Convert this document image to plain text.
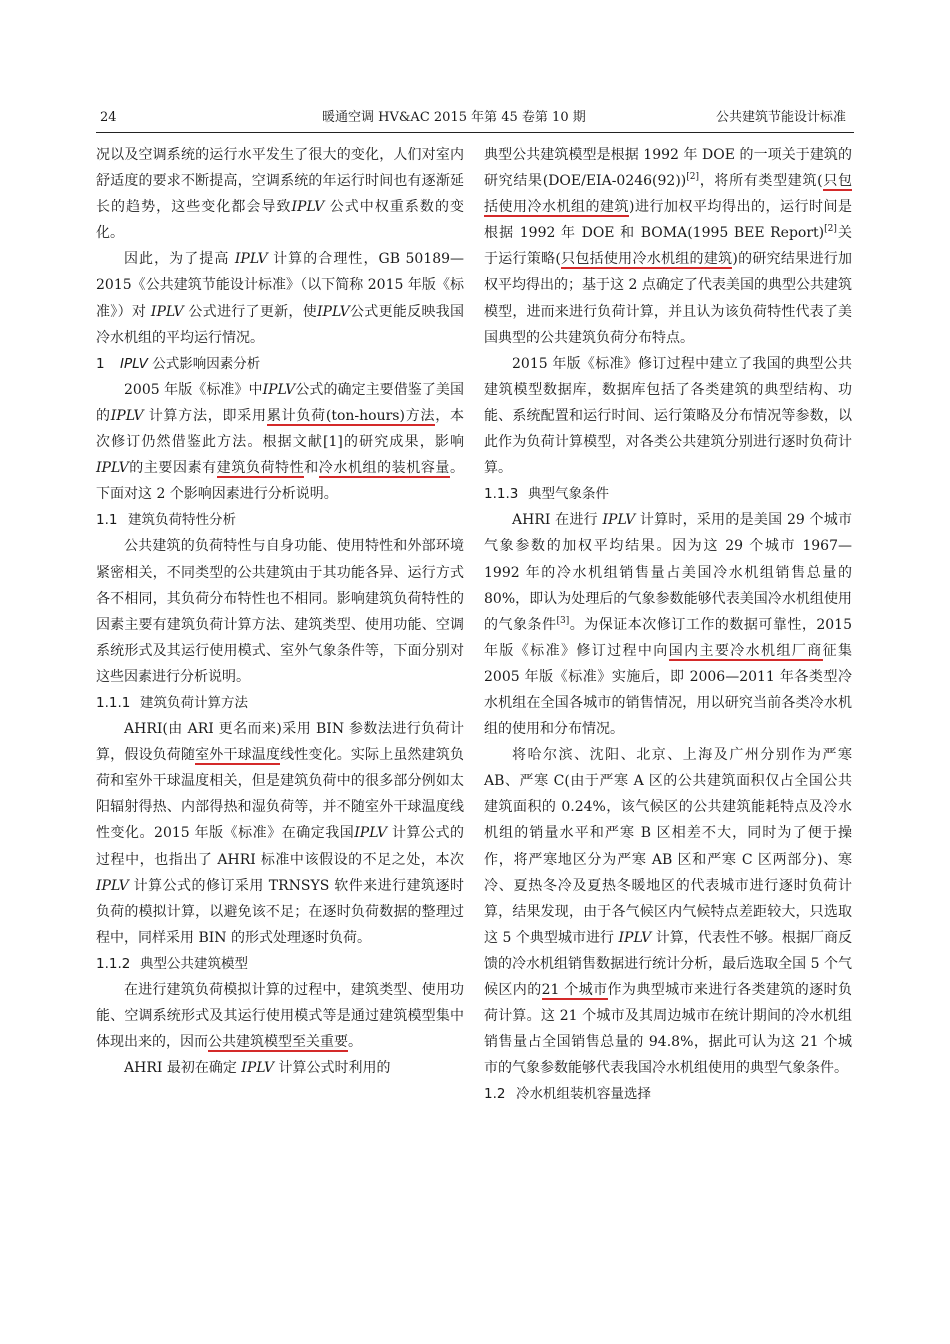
24	暖通空调 HV&AC 2015 年第 45 卷第 10 期	公共建筑节能设计标准

况以及空调系统的运行水平发生了很大的变化，人们对室内舒适度的要求不断提高，空调系统的年运行时间也有逐渐延长的趋势，这些变化都会导致IPLV 公式中权重系数的变化。

因此，为了提高 IPLV 计算的合理性，GB 50189—2015《公共建筑节能设计标准》（以下简称 2015 年版《标准》）对 IPLV 公式进行了更新，使IPLV公式更能反映我国冷水机组的平均运行情况。

1 IPLV 公式影响因素分析

2005 年版《标准》中IPLV公式的确定主要借鉴了美国的IPLV 计算方法，即采用累计负荷(ton-hours)方法，本次修订仍然借鉴此方法。根据文献[1]的研究成果，影响IPLV的主要因素有建筑负荷特性和冷水机组的装机容量。下面对这 2 个影响因素进行分析说明。

1.1 建筑负荷特性分析

公共建筑的负荷特性与自身功能、使用特性和外部环境紧密相关，不同类型的公共建筑由于其功能各异、运行方式各不相同，其负荷分布特性也不相同。影响建筑负荷特性的因素主要有建筑负荷计算方法、建筑类型、使用功能、空调系统形式及其运行使用模式、室外气象条件等，下面分别对这些因素进行分析说明。

1.1.1 建筑负荷计算方法

AHRI(由 ARI 更名而来)采用 BIN 参数法进行负荷计算，假设负荷随室外干球温度线性变化。实际上虽然建筑负荷和室外干球温度相关，但是建筑负荷中的很多部分例如太阳辐射得热、内部得热和湿负荷等，并不随室外干球温度线性变化。2015 年版《标准》在确定我国IPLV 计算公式的过程中，也指出了 AHRI 标准中该假设的不足之处，本次IPLV 计算公式的修订采用 TRNSYS 软件来进行建筑逐时负荷的模拟计算，以避免该不足；在逐时负荷数据的整理过程中，同样采用 BIN 的形式处理逐时负荷。

1.1.2 典型公共建筑模型

在进行建筑负荷模拟计算的过程中，建筑类型、使用功能、空调系统形式及其运行使用模式等是通过建筑模型集中体现出来的，因而公共建筑模型至关重要。

AHRI 最初在确定 IPLV 计算公式时利用的

典型公共建筑模型是根据 1992 年 DOE 的一项关于建筑的研究结果(DOE/EIA-0246(92))[2]，将所有类型建筑(只包括使用冷水机组的建筑)进行加权平均得出的，运行时间是根据 1992 年 DOE 和 BOMA(1995 BEE Report)[2]关于运行策略(只包括使用冷水机组的建筑)的研究结果进行加权平均得出的；基于这 2 点确定了代表美国的典型公共建筑模型，进而来进行负荷计算，并且认为该负荷特性代表了美国典型的公共建筑负荷分布特点。

2015 年版《标准》修订过程中建立了我国的典型公共建筑模型数据库，数据库包括了各类建筑的典型结构、功能、系统配置和运行时间、运行策略及分布情况等参数，以此作为负荷计算模型，对各类公共建筑分别进行逐时负荷计算。

1.1.3 典型气象条件

AHRI 在进行 IPLV 计算时，采用的是美国 29 个城市气象参数的加权平均结果。因为这 29 个城市 1967—1992 年的冷水机组销售量占美国冷水机组销售总量的 80%，即认为处理后的气象参数能够代表美国冷水机组使用的气象条件[3]。为保证本次修订工作的数据可靠性，2015 年版《标准》修订过程中向国内主要冷水机组厂商征集 2005 年版《标准》实施后，即 2006—2011 年各类型冷水机组在全国各城市的销售情况，用以研究当前各类冷水机组的使用和分布情况。

将哈尔滨、沈阳、北京、上海及广州分别作为严寒 AB、严寒 C(由于严寒 A 区的公共建筑面积仅占全国公共建筑面积的 0.24%，该气候区的公共建筑能耗特点及冷水机组的销量水平和严寒 B 区相差不大，同时为了便于操作，将严寒地区分为严寒 AB 区和严寒 C 区两部分)、寒冷、夏热冬冷及夏热冬暖地区的代表城市进行逐时负荷计算，结果发现，由于各气候区内气候特点差距较大，只选取这 5 个典型城市进行 IPLV 计算，代表性不够。根据厂商反馈的冷水机组销售数据进行统计分析，最后选取全国 5 个气候区内的21 个城市作为典型城市来进行各类建筑的逐时负荷计算。这 21 个城市及其周边城市在统计期间的冷水机组销售量占全国销售总量的 94.8%，据此可认为这 21 个城市的气象参数能够代表我国冷水机组使用的典型气象条件。

1.2 冷水机组装机容量选择
